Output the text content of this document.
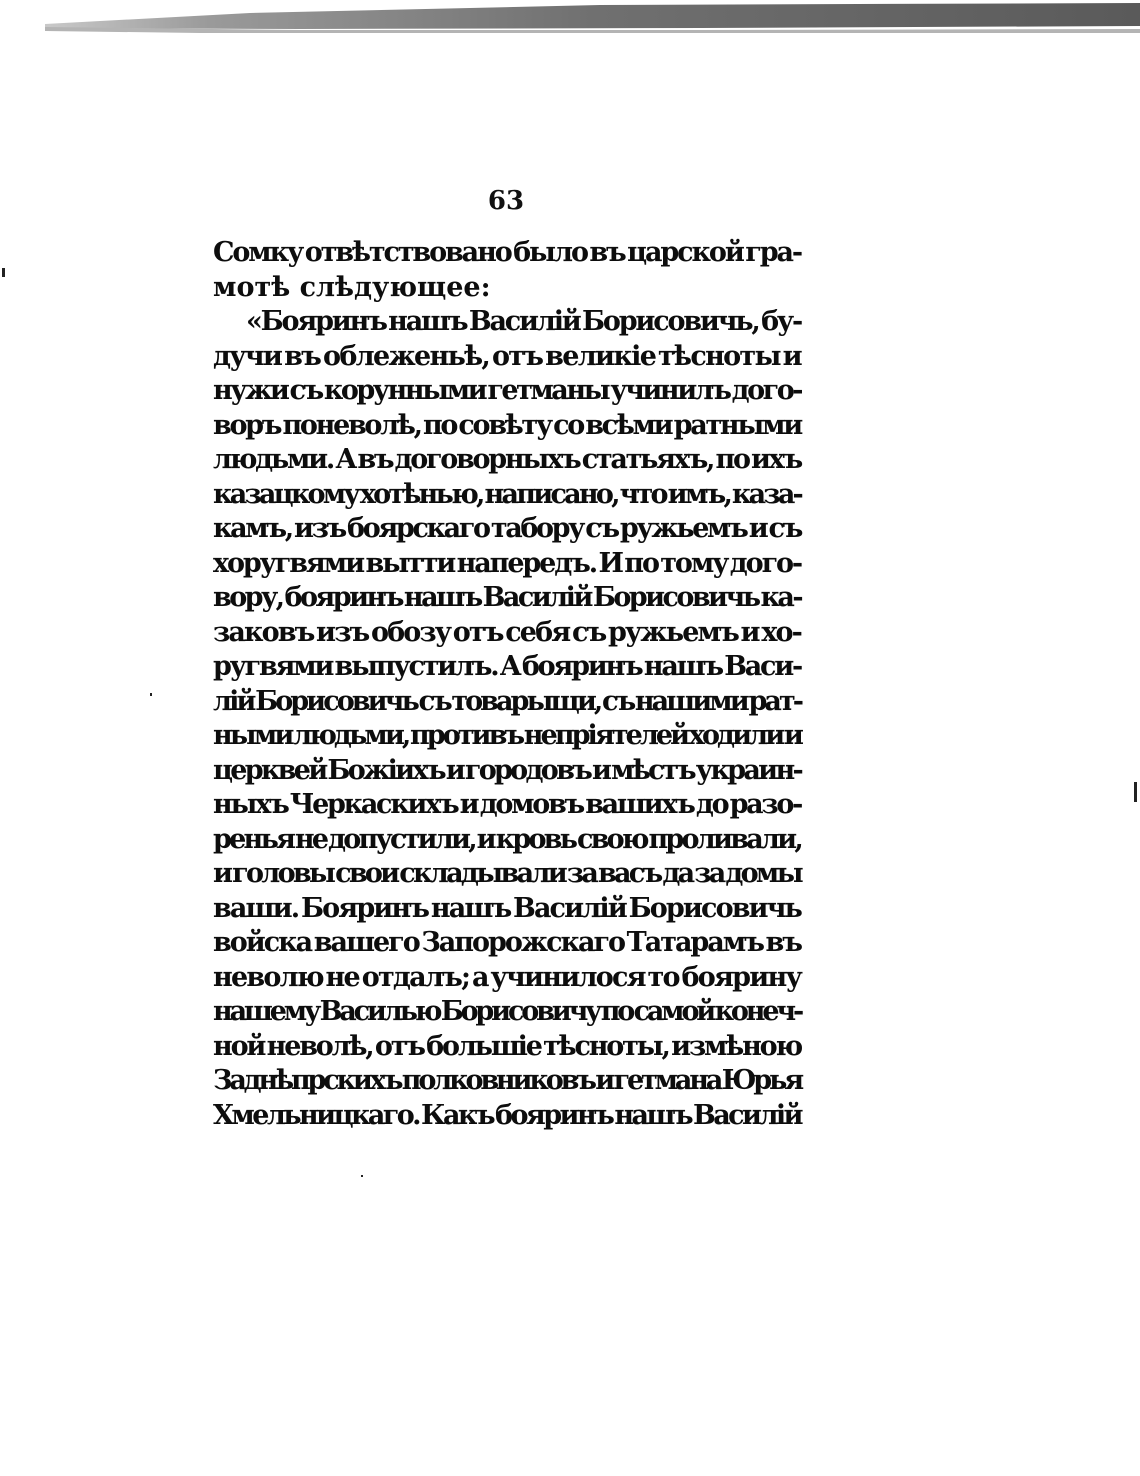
63
Сомку отвѣтствовано было въ царской гра-
мотѣ слѣдующее:
«Бояринъ нашъ Василій Борисовичь, бу-
дучи въ облеженьѣ, отъ великіе тѣсноты и
нужи съ корунными гетманы учинилъ дого-
воръ поневолѣ, по совѣту со всѣми ратными
людьми. А въ договорныхъ статьяхъ, по ихъ
казацкому хотѣнью, написано, что имъ, каза-
камъ, изъ боярскаго табору съ ружьемъ и съ
хоругвями вытти напередъ. И по тому дого-
вору, бояринъ нашъ Василій Борисовичь ка-
заковъ изъ обозу отъ себя съ ружьемъ и хо-
ругвями выпустилъ. А бояринъ нашъ Васи-
лій Борисовичь съ товарыщи, съ нашими рат-
ными людьми, противъ непріятелей ходили и
церквей Божіихъ и городовъ и мѣстъ украин-
ныхъ Черкаскихъ и домовъ вашихъ до разо-
ренья не допустили, и кровь свою проливали,
и головы свои складывали за васъ да за домы
ваши. Бояринъ нашъ Василій Борисовичь
войска вашего Запорожскаго Татарамъ въ
неволю не отдалъ; а учинилося то боярину
нашему Василью Борисовичу по самой конеч-
ной неволѣ, отъ большіе тѣсноты, измѣною
Заднѣпрскихъ полковниковъ и гетмана Юрья
Хмельницкаго. Какъ бояринъ нашъ Василій
